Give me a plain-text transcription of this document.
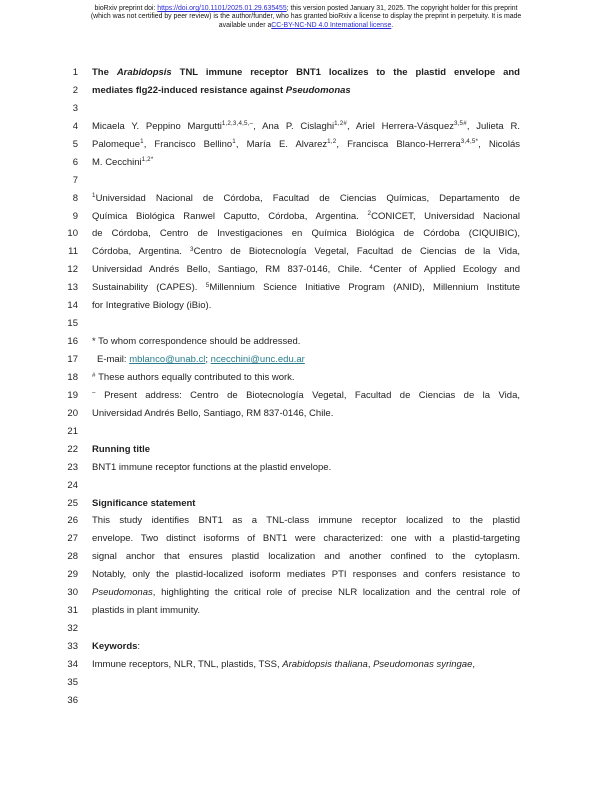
bioRxiv preprint doi: https://doi.org/10.1101/2025.01.29.635455; this version posted January 31, 2025. The copyright holder for this preprint
(which was not certified by peer review) is the author/funder, who has granted bioRxiv a license to display the preprint in perpetuity. It is made
available under aCC-BY-NC-ND 4.0 International license.
1 The Arabidopsis TNL immune receptor BNT1 localizes to the plastid envelope and
2 mediates flg22-induced resistance against Pseudomonas
3
4 Micaela Y. Peppino Margutti$^{1,2,3,4,5,-}$, Ana P. Cislaghi$^{1,2\#}$, Ariel Herrera-Vásquez$^{3,5\#}$, Julieta R.
5 Palomeque$^1$, Francisco Bellino$^1$, María E. Alvarez$^{1,2}$, Francisca Blanco-Herrera$^{3,4,5*}$, Nicolás
6 M. Cecchini$^{1,2*}$
7
8 $^1$Universidad Nacional de Córdoba, Facultad de Ciencias Químicas, Departamento de
9 Química Biológica Ranwel Caputto, Córdoba, Argentina. $^2$CONICET, Universidad Nacional
10 de Córdoba, Centro de Investigaciones en Química Biológica de Córdoba (CIQUIBIC),
11 Córdoba, Argentina. $^3$Centro de Biotecnología Vegetal, Facultad de Ciencias de la Vida,
12 Universidad Andrés Bello, Santiago, RM 837-0146, Chile. $^4$Center of Applied Ecology and
13 Sustainability (CAPES). $^5$Millennium Science Initiative Program (ANID), Millennium Institute
14 for Integrative Biology (iBio).
15
16 * To whom correspondence should be addressed.
17	E-mail: mblanco@unab.cl; ncecchini@unc.edu.ar
18 # These authors equally contributed to this work.
19 – Present address: Centro de Biotecnología Vegetal, Facultad de Ciencias de la Vida,
20 Universidad Andrés Bello, Santiago, RM 837-0146, Chile.
21
22 Running title
23 BNT1 immune receptor functions at the plastid envelope.
24
25 Significance statement
26 This study identifies BNT1 as a TNL-class immune receptor localized to the plastid
27 envelope. Two distinct isoforms of BNT1 were characterized: one with a plastid-targeting
28 signal anchor that ensures plastid localization and another confined to the cytoplasm.
29 Notably, only the plastid-localized isoform mediates PTI responses and confers resistance to
30 Pseudomonas, highlighting the critical role of precise NLR localization and the central role of
31 plastids in plant immunity.
32
33 Keywords:
34 Immune receptors, NLR, TNL, plastids, TSS, Arabidopsis thaliana, Pseudomonas syringae,
35
36
